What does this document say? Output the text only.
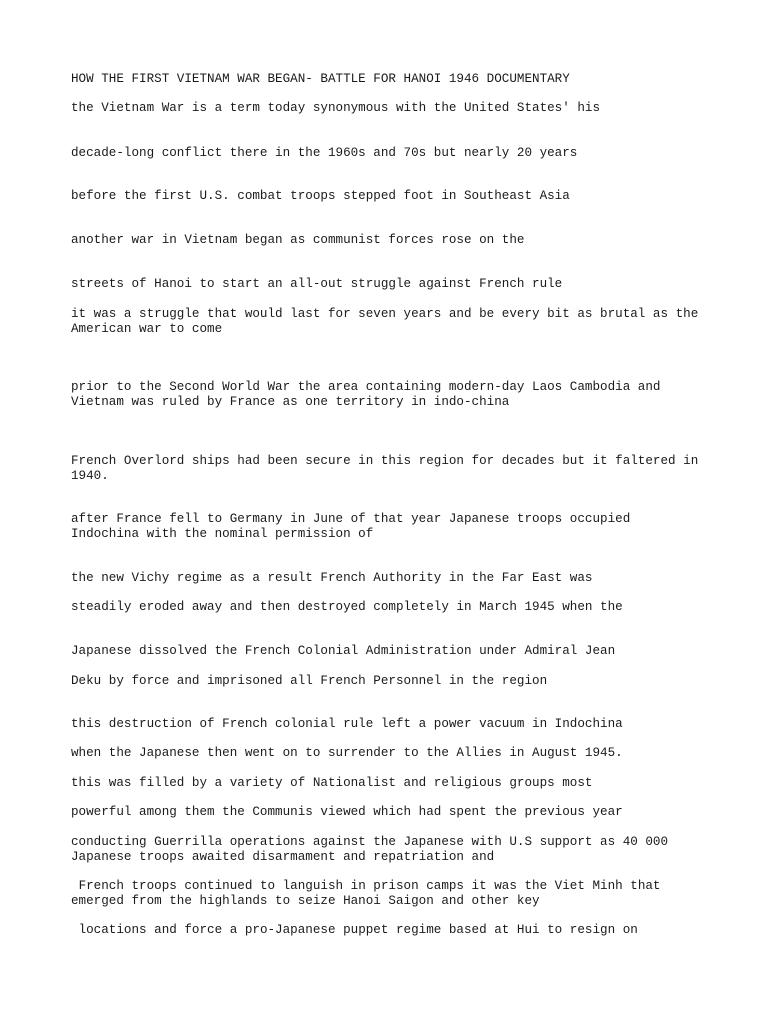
HOW THE FIRST VIETNAM WAR BEGAN- BATTLE FOR HANOI 1946 DOCUMENTARY

the Vietnam War is a term today synonymous with the United States' his

decade-long conflict there in the 1960s and 70s but nearly 20 years

before the first U.S. combat troops stepped foot in Southeast Asia

another war in Vietnam began as communist forces rose on the

streets of Hanoi to start an all-out struggle against French rule

it was a struggle that would last for seven years and be every bit as brutal as the
American war to come

prior to the Second World War the area containing modern-day Laos Cambodia and
Vietnam was ruled by France as one territory in indo-china

French Overlord ships had been secure in this region for decades but it faltered in
1940.

after France fell to Germany in June of that year Japanese troops occupied
Indochina with the nominal permission of

the new Vichy regime as a result French Authority in the Far East was

steadily eroded away and then destroyed completely in March 1945 when the

Japanese dissolved the French Colonial Administration under Admiral Jean

Deku by force and imprisoned all French Personnel in the region

this destruction of French colonial rule left a power vacuum in Indochina

when the Japanese then went on to surrender to the Allies in August 1945.

this was filled by a variety of Nationalist and religious groups most

powerful among them the Communis viewed which had spent the previous year

conducting Guerrilla operations against the Japanese with U.S support as 40 000
Japanese troops awaited disarmament and repatriation and

French troops continued to languish in prison camps it was the Viet Minh that
emerged from the highlands to seize Hanoi Saigon and other key

locations and force a pro-Japanese puppet regime based at Hui to resign on
